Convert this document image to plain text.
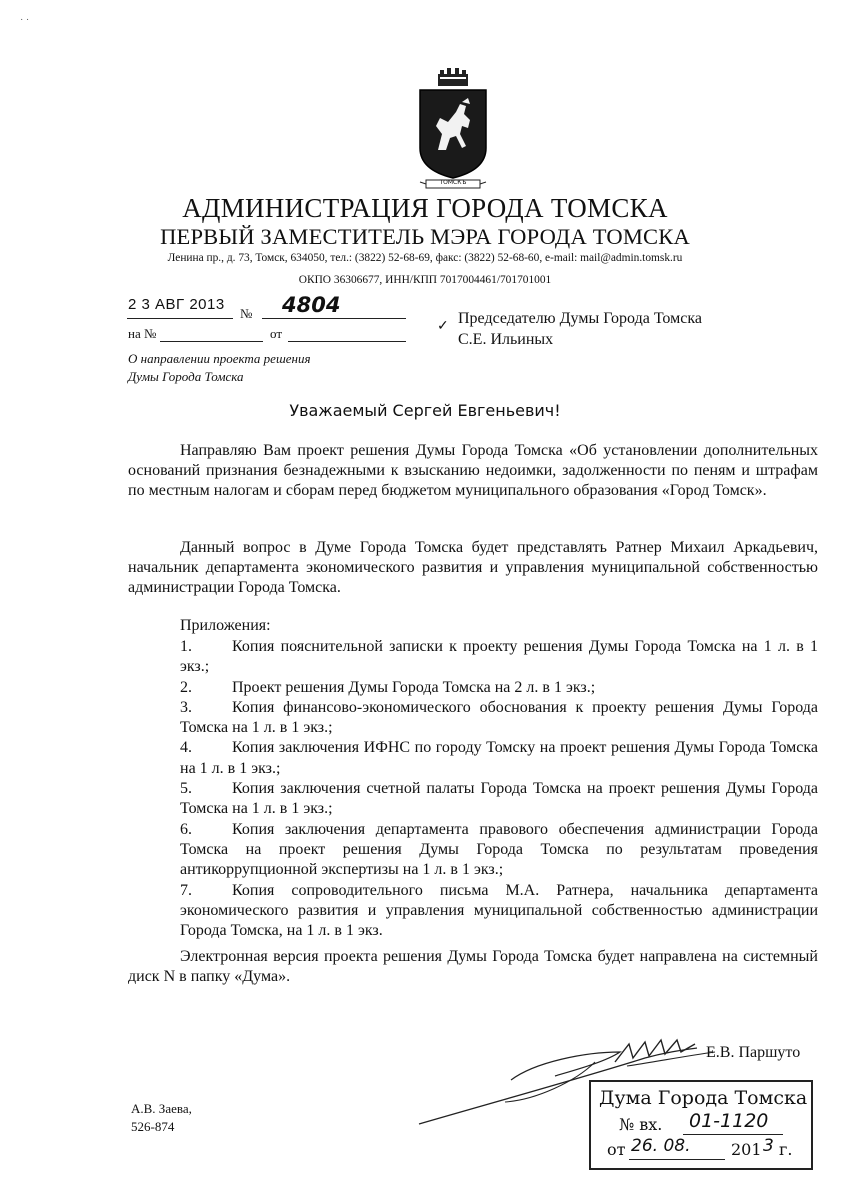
˙ ˙
ТОМСКЪ
АДМИНИСТРАЦИЯ ГОРОДА ТОМСКА
ПЕРВЫЙ ЗАМЕСТИТЕЛЬ МЭРА ГОРОДА ТОМСКА
Ленина пр., д. 73, Томск, 634050, тел.: (3822) 52-68-69, факс: (3822) 52-68-60, e-mail: mail@admin.tomsk.ru
ОКПО 36306677, ИНН/КПП 7017004461/701701001
2 3 АВГ 2013
№ 4804
на №	от	✓ Председателю Думы Города Томска
С.Е. Ильиных
О направлении проекта решения
Думы Города Томска
Уважаемый Сергей Евгеньевич!
Направляю Вам проект решения Думы Города Томска «Об установлении дополнительных оснований признания безнадежными к взысканию недоимки, задолженности по пеням и штрафам по местным налогам и сборам перед бюджетом муниципального образования «Город Томск».
Данный вопрос в Думе Города Томска будет представлять Ратнер Михаил Аркадьевич, начальник департамента экономического развития и управления муниципальной собственностью администрации Города Томска.
Приложения:
1.	Копия пояснительной записки к проекту решения Думы Города Томска на 1 л. в 1 экз.;
2.	Проект решения Думы Города Томска на 2 л. в 1 экз.;
3.	Копия финансово-экономического обоснования к проекту решения Думы Города Томска на 1 л. в 1 экз.;
4.	Копия заключения ИФНС по городу Томску на проект решения Думы Города Томска на 1 л. в 1 экз.;
5.	Копия заключения счетной палаты Города Томска на проект решения Думы Города Томска на 1 л. в 1 экз.;
6.	Копия заключения департамента правового обеспечения администрации Города Томска на проект решения Думы Города Томска по результатам проведения антикоррупционной экспертизы на 1 л. в 1 экз.;
7.	Копия сопроводительного письма М.А. Ратнера, начальника департамента экономического развития и управления муниципальной собственностью администрации Города Томска, на 1 л. в 1 экз.
Электронная версия проекта решения Думы Города Томска будет направлена на системный диск N в папку «Дума».
Е.В. Паршуто
А.В. Заева,
526-874
Дума Города Томска
№ вх. 01-1120
от 26. 08.	201 3 г.
